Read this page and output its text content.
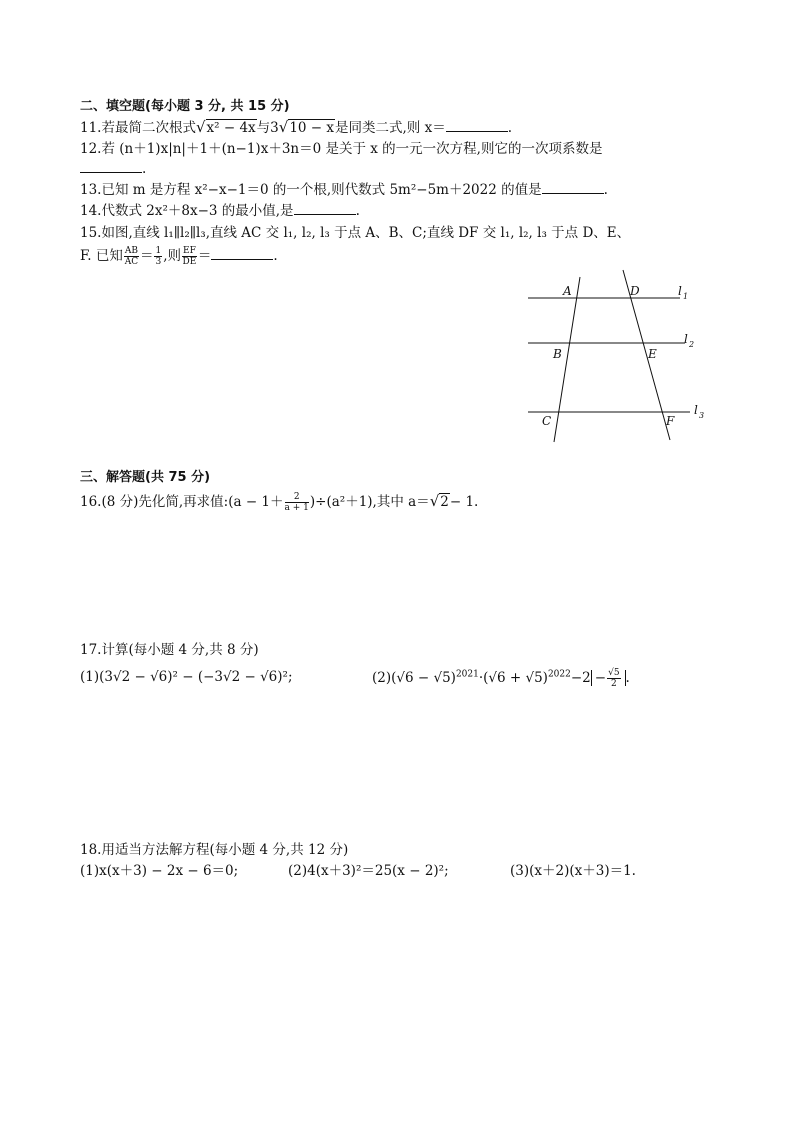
二、填空题(每小题 3 分, 共 15 分)
11.若最简二次根式√x² − 4x与3√10 − x是同类二式,则 x＝	.
12.若 (n＋1)x|n|＋1＋(n−1)x＋3n＝0 是关于 x 的一元一次方程,则它的一次项系数是
.
13.已知 m 是方程 x²−x−1＝0 的一个根,则代数式 5m²−5m＋2022 的值是	.
14.代数式 2x²＋8x−3 的最小值,是	.
15.如图,直线 l₁∥l₂∥l₃,直线 AC 交 l₁, l₂, l₃ 于点 A、B、C;直线 DF 交 l₁, l₂, l₃ 于点 D、E、
F. 已知 $\frac{AB}{AC} = \frac{1}{3}$ ,则 $\frac{EF}{DE}$ ＝	.
A	D
B	E
C	F
l 1
l 2
l 3
三、解答题(共 75 分)
16.(8 分)先化简,再求值:(a − $1+ \frac{2}{a + 1} )\div(a^2+1)$,其中 a＝√2− 1.
17.计算(每小题 4 分,共 8 分)
(1)(3√2 − √6)² − (−3√2 − √6)²;	$(2)(√6 - √5)^{2021}\cdot(√6 + √5)^{2022}-2 - \frac{√5}{2}$ .
18.用适当方法解方程(每小题 4 分,共 12 分)
(1)x(x＋3) − 2x − 6＝0;	(2)4(x＋3)²＝25(x − 2)²;	(3)(x＋2)(x＋3)＝1.
